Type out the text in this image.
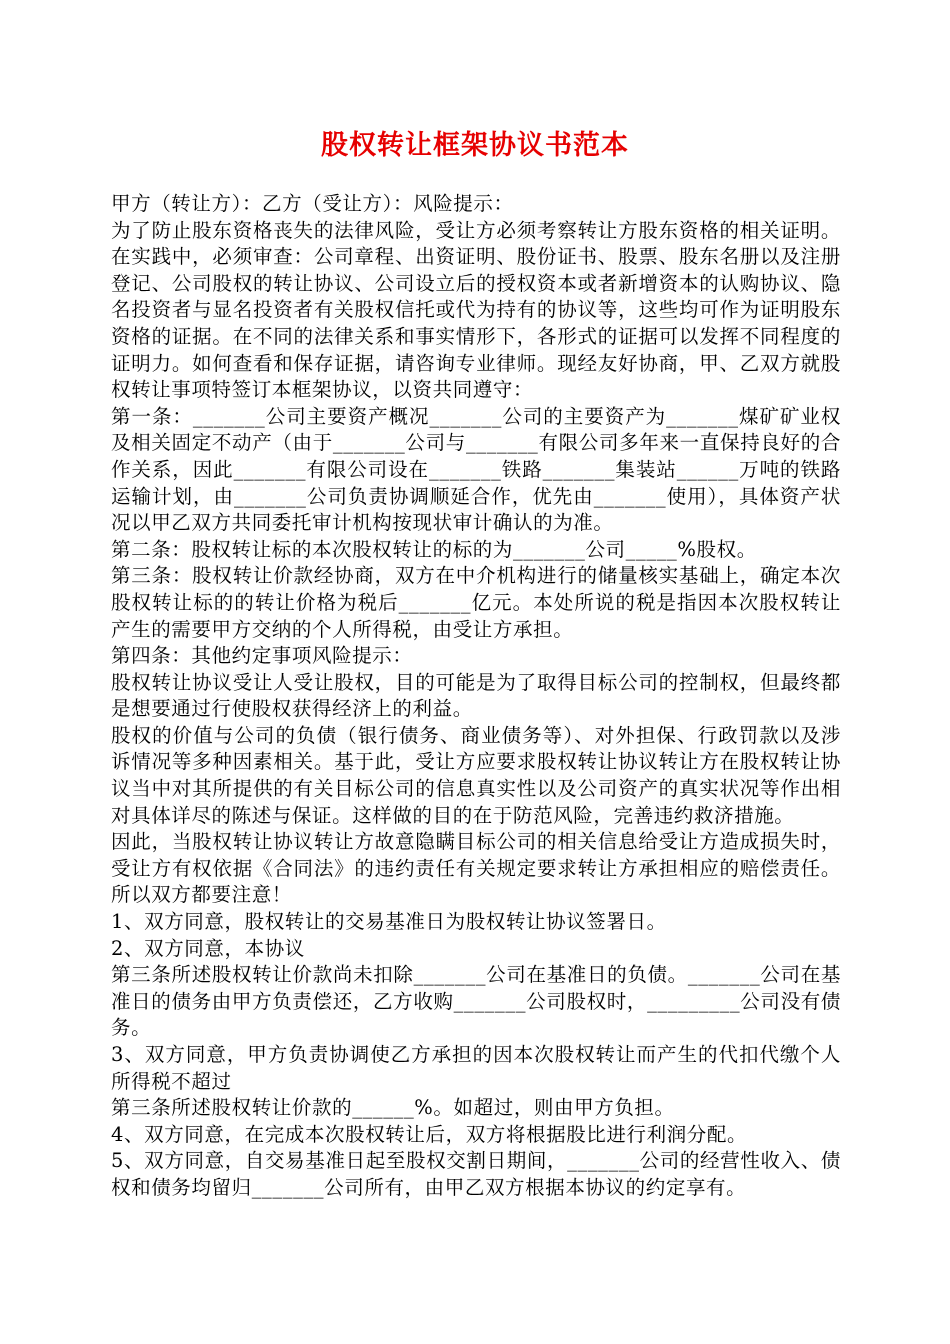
股权转让框架协议书范本

甲方（转让方）：乙方（受让方）：风险提示：

为了防止股东资格丧失的法律风险，受让方必须考察转让方股东资格的相关证明。在实践中，必须审查：公司章程、出资证明、股份证书、股票、股东名册以及注册登记、公司股权的转让协议、公司设立后的授权资本或者新增资本的认购协议、隐名投资者与显名投资者有关股权信托或代为持有的协议等，这些均可作为证明股东资格的证据。在不同的法律关系和事实情形下，各形式的证据可以发挥不同程度的证明力。如何查看和保存证据，请咨询专业律师。现经友好协商，甲、乙双方就股权转让事项特签订本框架协议，以资共同遵守：

第一条：_______公司主要资产概况_______公司的主要资产为_______煤矿矿业权及相关固定不动产（由于_______公司与_______有限公司多年来一直保持良好的合作关系，因此_______有限公司设在_______铁路_______集装站______万吨的铁路运输计划，由_______公司负责协调顺延合作，优先由_______使用），具体资产状况以甲乙双方共同委托审计机构按现状审计确认的为准。

第二条：股权转让标的本次股权转让的标的为_______公司_____%股权。

第三条：股权转让价款经协商，双方在中介机构进行的储量核实基础上，确定本次股权转让标的的转让价格为税后_______亿元。本处所说的税是指因本次股权转让产生的需要甲方交纳的个人所得税，由受让方承担。

第四条：其他约定事项风险提示：

股权转让协议受让人受让股权，目的可能是为了取得目标公司的控制权，但最终都是想要通过行使股权获得经济上的利益。

股权的价值与公司的负债（银行债务、商业债务等）、对外担保、行政罚款以及涉诉情况等多种因素相关。基于此，受让方应要求股权转让协议转让方在股权转让协议当中对其所提供的有关目标公司的信息真实性以及公司资产的真实状况等作出相对具体详尽的陈述与保证。这样做的目的在于防范风险，完善违约救济措施。

因此，当股权转让协议转让方故意隐瞒目标公司的相关信息给受让方造成损失时，受让方有权依据《合同法》的违约责任有关规定要求转让方承担相应的赔偿责任。所以双方都要注意！

1、双方同意，股权转让的交易基准日为股权转让协议签署日。

2、双方同意，本协议

第三条所述股权转让价款尚未扣除_______公司在基准日的负债。_______公司在基准日的债务由甲方负责偿还，乙方收购_______公司股权时，_________公司没有债务。

3、双方同意，甲方负责协调使乙方承担的因本次股权转让而产生的代扣代缴个人所得税不超过

第三条所述股权转让价款的______%。如超过，则由甲方负担。

4、双方同意，在完成本次股权转让后，双方将根据股比进行利润分配。

5、双方同意，自交易基准日起至股权交割日期间，_______公司的经营性收入、债权和债务均留归_______公司所有，由甲乙双方根据本协议的约定享有。
